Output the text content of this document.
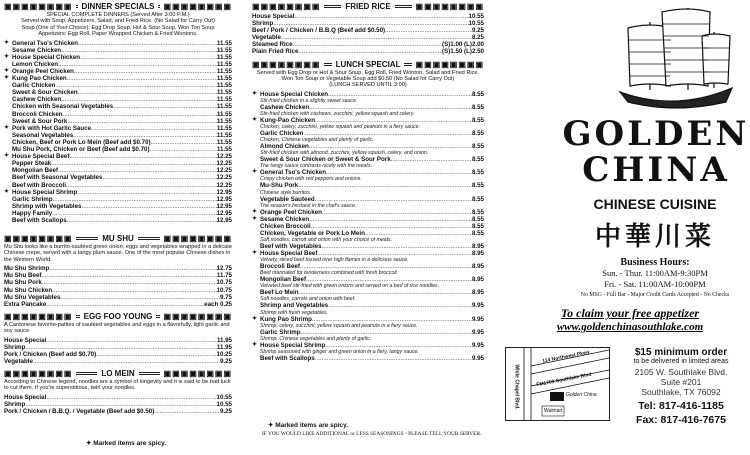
▣▣▣▣▣▣▣▣ DINNER SPECIALS ▣▣▣▣▣▣▣▣
SPECIAL COMPLETE DINNERS (Served After 3:00 P.M.)
Served with Soup, Appetizers, Salad, and Fried Rice. (No Salad for Carry Out)
Soup (One of Your Choice): Egg Drop Soup, Hot & Sour Soup, Won Ton Soup
Appetizers: Egg Roll, Paper Wrapped Chicken & Fried Wontons.
✦ General Tso's Chicken .....	11.55
Sesame Chicken .....	11.55
✦ House Special Chicken .....	11.55
Lemon Chicken .....	11.55
✦ Orange Peel Chicken .....	11.55
✦ Kung Pao Chicken .....	11.55
Garlic Chicken .....	11.55
Sweet & Sour Chicken .....	11.55
Cashew Chicken .....	11.55
Chicken with Seasonal Vegetables .....	11.55
Broccoli Chicken .....	11.55
Sweet & Sour Pork .....	11.55
✦ Pork with Hot Garlic Sauce .....	11.55
Seasonal Vegetables .....	11.55
Chicken, Beef or Pork Lo Mein (Beef add $0.70) .....	11.55
Mu Shu Pork, Chicken or Beef (Beef add $0.70) .....	11.55
✦ House Special Beef .....	12.25
Pepper Steak .....	12.25
Mongolian Beef .....	12.25
Beef with Seasonal Vegetables .....	12.25
Beef with Broccoli .....	12.25
✦ House Special Shrimp .....	12.95
Garlic Shrimp .....	12.95
Shrimp with Vegetables .....	12.95
Happy Family .....	12.95
Beef with Scallops .....	12.95
▣▣▣▣▣▣▣▣	MU SHU	▣▣▣▣▣▣▣▣
Mu Shu looks like a burrito-sautéed green onion, eggs and vegetables wrapped in a delicate
Chinese crepe, served with a tangy plum sauce. One of the most popular Chinese dishes in
the Western World.
Mu Shu Shrimp .....	12.75
Mu Shu Beef .....	11.75
Mu Shu Pork .....	10.75
Mu Shu Chicken .....	10.75
Mu Shu Vegetables .....	9.75
Extra Pancake .....	each 0.25
▣▣▣▣▣▣▣▣ EGG FOO YOUNG ▣▣▣▣▣▣▣▣
A Cantonese favorite-patties of sautéed vegetables and eggs in a flavorfully, light garlic and
soy sauce.
House Special .....	11.95
Shrimp .....	11.95
Pork / Chicken (Beef add $0.70) .....	10.25
Vegetable .....	9.25
▣▣▣▣▣▣▣▣	LO MEIN	▣▣▣▣▣▣▣▣
According to Chinese legend, noodles are a symbol of longevity and it is said to be bad luck
to cut them. If you're superstitious, twirl your noodles.
House Special .....	10.55
Shrimp .....	10.55
Pork / Chicken / B.B.Q. / Vegetable (Beef add $0.50) .....	9.25
✦ Marked items are spicy.
▣▣▣▣▣▣▣▣	FRIED RICE	▣▣▣▣▣▣▣▣
House Special .....	10.55
Shrimp .....	10.55
Beef / Pork / Chicken / B.B.Q (Beef add $0.50) .....	9.25
Vegetable .....	8.25
Steamed Rice .....	(S)1.00 (L)2.00
Plain Fried Rice .....	(S)1.50 (L)2.50
▣▣▣▣▣▣▣▣ LUNCH SPECIAL ▣▣▣▣▣▣▣▣
Served with Egg Drop or Hot & Sour Soup, Egg Roll, Fried Wonton, Salad and Fried Rice.
Won Ton Soup or Vegetable Soup add $0.50 (No Salad for Carry Out)
(LUNCH SERVED UNTIL 3:00)
✦ House Special Chicken .....	8.55
Stir-fried chicken in a slightly sweet sauce.
Cashew Chicken .....	8.55
Stir-fried chicken with cashews, zucchini, yellow squash and celery.
✦ Kung-Pao Chicken .....	8.55
Chicken, celery, zucchini, yellow squash and peanuts in a fiery sauce.
Garlic Chicken .....	8.55
Chicken, Chinese vegetables and plenty of garlic.
Almond Chicken .....	8.55
Stir-fried chicken with almond, zucchini, yellow squash, celery, and onion.
Sweet & Sour Chicken or Sweet & Sour Pork .....	8.55
The tangy sauce contrasts nicely with the meats.
✦ General Tso's Chicken .....	8.55
Crispy chicken with red peppers and onions.
Mu-Shu Pork .....	8.55
Chinese style burritos.
Vegetable Sauteed .....	8.55
The season's freshest in the chef's sauce.
✦ Orange Peel Chicken .....	8.55
✦ Sesame Chicken .....	8.55
Chicken Broccoli .....	8.55
Chicken, Vegetable or Pork Lo Mein .....	8.55
Soft noodles, carrott and onion with your choice of meats.
Beef with Vegetables .....	8.95
✦ House Special Beef .....	8.95
Velvety, sliced beef tossed over high flames in a delicious sauce.
Broccoli Beef .....	8.95
Beef marinated for tenderness combined with fresh broccoli.
Mongolian Beef .....	8.95
Velveted beef stir-fried with green onions and served on a bed of rice noodles.
Beef Lo Mein .....	8.95
Soft noodles, carrots and onion with beef.
Shrimp and Vegetables .....	9.95
Shrimp with fresh vegetables.
✦ Kung Pao Shrimp .....	9.95
Shrimp, celery, zucchini, yellow squash and peanuts in a fiery sauce.
Garlic Shrimp .....	9.95
Shrimp, Chinese vegetables and plenty of garlic.
✦ House Special Shrimp .....	9.95
Shrimp seasoned with ginger and green onion in a fiery, tangy sauce.
Beef with Scallops .....	9.95
✦ Marked items are spicy.
IF YOU WOULD LIKE ADDITIONAL or LESS SEASONINGS - PLEASE TELL YOUR SERVER.
GOLDEN
CHINA
CHINESE CUISINE
中華川菜
Business Hours:
Sun. - Thur. 11:00AM-9:30PM
Fri. - Sat. 11:00AM-10:00PM
No MSG - Full Bar - Major Credit Cards Accepted - No Checks
To claim your free appetizer
www.goldenchinasouthlake.com
114 Northwest Pkwy
FM1709 Southlake Blvd
White Chapel Blvd.	Golden China
Walmart
$15 minimum order
to be delivered in limited areas
2105 W. Southlake Blvd.
Suite #201
Southlake, TX 76092
Tel: 817-416-1185
Fax: 817-416-7675
